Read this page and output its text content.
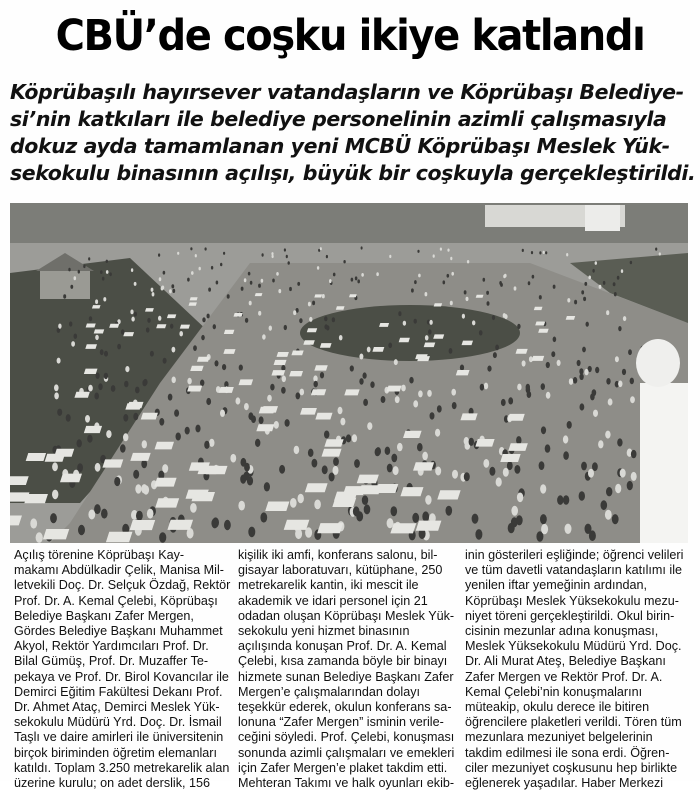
CBÜ’de coşku ikiye katlandı
Köprübaşılı hayırsever vatandaşların ve Köprübaşı Belediye-
si’nin katkıları ile belediye personelinin azimli çalışmasıyla
dokuz ayda tamamlanan yeni MCBÜ Köprübaşı Meslek Yük-
sekokulu binasının açılışı, büyük bir coşkuyla gerçekleştirildi.
Açılış törenine Köprübaşı Kay-
makamı Abdülkadir Çelik, Manisa Mil-
letvekili Doç. Dr. Selçuk Özdağ, Rektör
Prof. Dr. A. Kemal Çelebi, Köprübaşı
Belediye Başkanı Zafer Mergen,
Gördes Belediye Başkanı Muhammet
Akyol, Rektör Yardımcıları Prof. Dr.
Bilal Gümüş, Prof. Dr. Muzaffer Te-
pekaya ve Prof. Dr. Birol Kovancılar ile
Demirci Eğitim Fakültesi Dekanı Prof.
Dr. Ahmet Ataç, Demirci Meslek Yük-
sekokulu Müdürü Yrd. Doç. Dr. İsmail
Taşlı ve daire amirleri ile üniversitenin
birçok biriminden öğretim elemanları
katıldı. Toplam 3.250 metrekarelik alan
üzerine kurulu; on adet derslik, 156
kişilik iki amfi, konferans salonu, bil-
gisayar laboratuvarı, kütüphane, 250
metrekarelik kantin, iki mescit ile
akademik ve idari personel için 21
odadan oluşan Köprübaşı Meslek Yük-
sekokulu yeni hizmet binasının
açılışında konuşan Prof. Dr. A. Kemal
Çelebi, kısa zamanda böyle bir binayı
hizmete sunan Belediye Başkanı Zafer
Mergen’e çalışmalarından dolayı
teşekkür ederek, okulun konferans sa-
lonuna “Zafer Mergen” isminin verile-
ceğini söyledi. Prof. Çelebi, konuşması
sonunda azimli çalışmaları ve emekleri
için Zafer Mergen’e plaket takdim etti.
Mehteran Takımı ve halk oyunları ekib-
inin gösterileri eşliğinde; öğrenci velileri
ve tüm davetli vatandaşların katılımı ile
yenilen iftar yemeğinin ardından,
Köprübaşı Meslek Yüksekokulu mezu-
niyet töreni gerçekleştirildi. Okul birin-
cisinin mezunlar adına konuşması,
Meslek Yüksekokulu Müdürü Yrd. Doç.
Dr. Ali Murat Ateş, Belediye Başkanı
Zafer Mergen ve Rektör Prof. Dr. A.
Kemal Çelebi’nin konuşmalarını
müteakip, okulu derece ile bitiren
öğrencilere plaketleri verildi. Tören tüm
mezunlara mezuniyet belgelerinin
takdim edilmesi ile sona erdi. Öğren-
ciler mezuniyet coşkusunu hep birlikte
eğlenerek yaşadılar. Haber Merkezi
